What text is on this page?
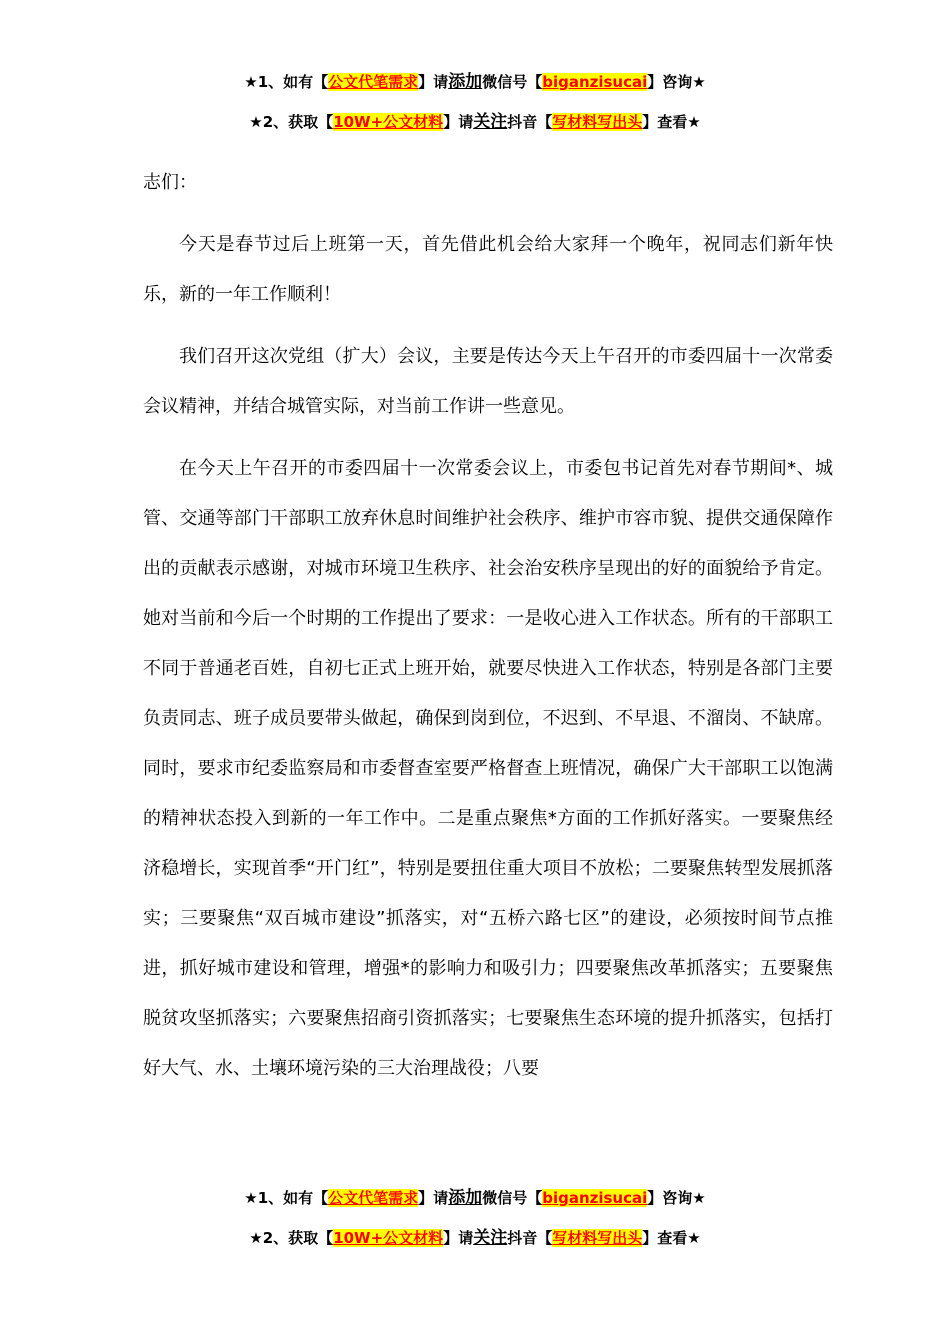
★1、如有【公文代笔需求】请添加微信号【biganzisucai】咨询★
★2、获取【10W+公文材料】请关注抖音【写材料写出头】查看★

志们：

今天是春节过后上班第一天，首先借此机会给大家拜一个晚年，祝同志们新年快乐，新的一年工作顺利！

我们召开这次党组（扩大）会议，主要是传达今天上午召开的市委四届十一次常委会议精神，并结合城管实际，对当前工作讲一些意见。

在今天上午召开的市委四届十一次常委会议上，市委包书记首先对春节期间*、城管、交通等部门干部职工放弃休息时间维护社会秩序、维护市容市貌、提供交通保障作出的贡献表示感谢，对城市环境卫生秩序、社会治安秩序呈现出的好的面貌给予肯定。她对当前和今后一个时期的工作提出了要求：一是收心进入工作状态。所有的干部职工不同于普通老百姓，自初七正式上班开始，就要尽快进入工作状态，特别是各部门主要负责同志、班子成员要带头做起，确保到岗到位，不迟到、不早退、不溜岗、不缺席。同时，要求市纪委监察局和市委督查室要严格督查上班情况，确保广大干部职工以饱满的精神状态投入到新的一年工作中。二是重点聚焦*方面的工作抓好落实。一要聚焦经济稳增长，实现首季“开门红”，特别是要扭住重大项目不放松；二要聚焦转型发展抓落实；三要聚焦“双百城市建设”抓落实，对“五桥六路七区”的建设，必须按时间节点推进，抓好城市建设和管理，增强*的影响力和吸引力；四要聚焦改革抓落实；五要聚焦脱贫攻坚抓落实；六要聚焦招商引资抓落实；七要聚焦生态环境的提升抓落实，包括打好大气、水、土壤环境污染的三大治理战役；八要

★1、如有【公文代笔需求】请添加微信号【biganzisucai】咨询★
★2、获取【10W+公文材料】请关注抖音【写材料写出头】查看★
